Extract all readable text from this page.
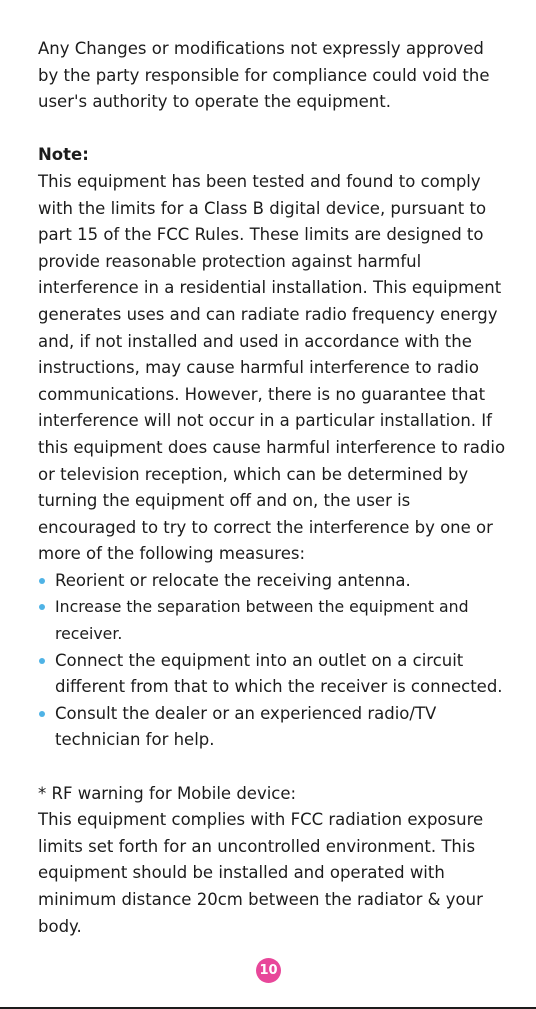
Any Changes or modifications not expressly approved by the party responsible for compliance could void the user's authority to operate the equipment.

Note:

This equipment has been tested and found to comply with the limits for a Class B digital device, pursuant to part 15 of the FCC Rules. These limits are designed to provide reasonable protection against harmful interference in a residential installation. This equipment generates uses and can radiate radio frequency energy and, if not installed and used in accordance with the instructions, may cause harmful interference to radio communications. However, there is no guarantee that interference will not occur in a particular installation. If this equipment does cause harmful interference to radio or television reception, which can be determined by turning the equipment off and on, the user is encouraged to try to correct the interference by one or more of the following measures:

Reorient or relocate the receiving antenna.
Increase the separation between the equipment and receiver.
Connect the equipment into an outlet on a circuit different from that to which the receiver is connected.
Consult the dealer or an experienced radio/TV technician for help.

* RF warning for Mobile device:

This equipment complies with FCC radiation exposure limits set forth for an uncontrolled environment. This equipment should be installed and operated with minimum distance 20cm between the radiator & your body.

10
